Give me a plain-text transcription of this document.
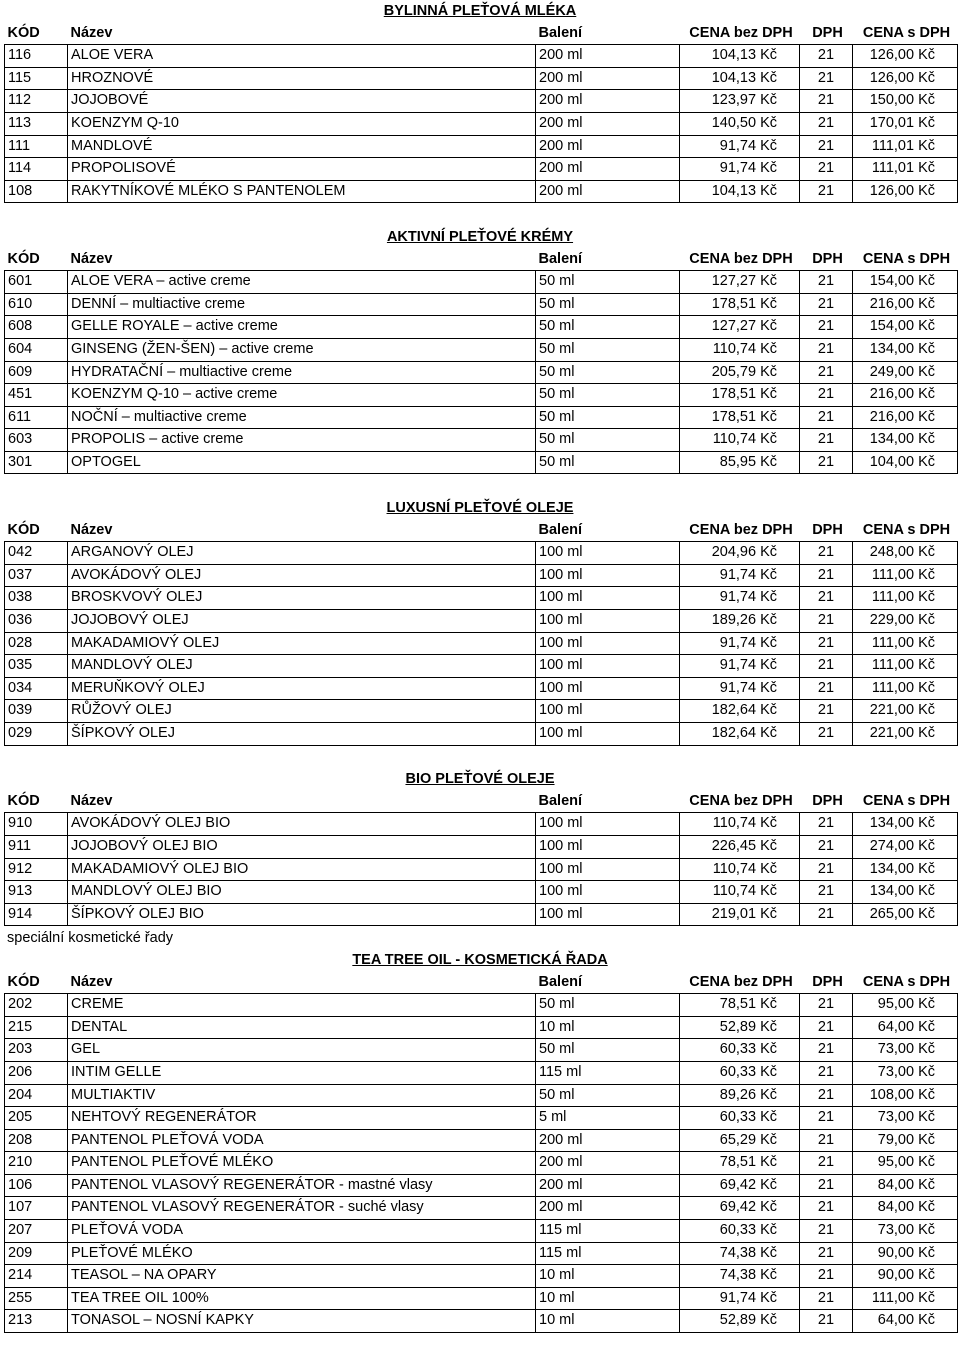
BYLINNÁ PLEŤOVÁ MLÉKA
KÓD	Název	Balení	CENA bez DPH	DPH	CENA s DPH
116	ALOE VERA	200 ml	104,13 Kč	21	126,00 Kč
115	HROZNOVÉ	200 ml	104,13 Kč	21	126,00 Kč
112	JOJOBOVÉ	200 ml	123,97 Kč	21	150,00 Kč
113	KOENZYM Q-10	200 ml	140,50 Kč	21	170,01 Kč
111	MANDLOVÉ	200 ml	91,74 Kč	21	111,01 Kč
114	PROPOLISOVÉ	200 ml	91,74 Kč	21	111,01 Kč
108	RAKYTNÍKOVÉ MLÉKO S PANTENOLEM	200 ml	104,13 Kč	21	126,00 Kč
AKTIVNÍ PLEŤOVÉ KRÉMY
KÓD	Název	Balení	CENA bez DPH	DPH	CENA s DPH
601	ALOE VERA – active creme	50 ml	127,27 Kč	21	154,00 Kč
610	DENNÍ – multiactive creme	50 ml	178,51 Kč	21	216,00 Kč
608	GELLE ROYALE – active creme	50 ml	127,27 Kč	21	154,00 Kč
604	GINSENG (ŽEN-ŠEN) – active creme	50 ml	110,74 Kč	21	134,00 Kč
609	HYDRATAČNÍ – multiactive creme	50 ml	205,79 Kč	21	249,00 Kč
451	KOENZYM Q-10 – active creme	50 ml	178,51 Kč	21	216,00 Kč
611	NOČNÍ – multiactive creme	50 ml	178,51 Kč	21	216,00 Kč
603	PROPOLIS – active creme	50 ml	110,74 Kč	21	134,00 Kč
301	OPTOGEL	50 ml	85,95 Kč	21	104,00 Kč
LUXUSNÍ PLEŤOVÉ OLEJE
KÓD	Název	Balení	CENA bez DPH	DPH	CENA s DPH
042	ARGANOVÝ OLEJ	100 ml	204,96 Kč	21	248,00 Kč
037	AVOKÁDOVÝ OLEJ	100 ml	91,74 Kč	21	111,00 Kč
038	BROSKVOVÝ OLEJ	100 ml	91,74 Kč	21	111,00 Kč
036	JOJOBOVÝ OLEJ	100 ml	189,26 Kč	21	229,00 Kč
028	MAKADAMIOVÝ OLEJ	100 ml	91,74 Kč	21	111,00 Kč
035	MANDLOVÝ OLEJ	100 ml	91,74 Kč	21	111,00 Kč
034	MERUŇKOVÝ OLEJ	100 ml	91,74 Kč	21	111,00 Kč
039	RŮŽOVÝ OLEJ	100 ml	182,64 Kč	21	221,00 Kč
029	ŠÍPKOVÝ OLEJ	100 ml	182,64 Kč	21	221,00 Kč
BIO PLEŤOVÉ OLEJE
KÓD	Název	Balení	CENA bez DPH	DPH	CENA s DPH
910	AVOKÁDOVÝ OLEJ BIO	100 ml	110,74 Kč	21	134,00 Kč
911	JOJOBOVÝ OLEJ BIO	100 ml	226,45 Kč	21	274,00 Kč
912	MAKADAMIOVÝ OLEJ BIO	100 ml	110,74 Kč	21	134,00 Kč
913	MANDLOVÝ OLEJ BIO	100 ml	110,74 Kč	21	134,00 Kč
914	ŠÍPKOVÝ OLEJ BIO	100 ml	219,01 Kč	21	265,00 Kč
speciální kosmetické řady
TEA TREE OIL - KOSMETICKÁ ŘADA
KÓD	Název	Balení	CENA bez DPH	DPH	CENA s DPH
202	CREME	50 ml	78,51 Kč	21	95,00 Kč
215	DENTAL	10 ml	52,89 Kč	21	64,00 Kč
203	GEL	50 ml	60,33 Kč	21	73,00 Kč
206	INTIM GELLE	115 ml	60,33 Kč	21	73,00 Kč
204	MULTIAKTIV	50 ml	89,26 Kč	21	108,00 Kč
205	NEHTOVÝ REGENERÁTOR	5 ml	60,33 Kč	21	73,00 Kč
208	PANTENOL PLEŤOVÁ VODA	200 ml	65,29 Kč	21	79,00 Kč
210	PANTENOL PLEŤOVÉ MLÉKO	200 ml	78,51 Kč	21	95,00 Kč
106	PANTENOL VLASOVÝ REGENERÁTOR - mastné vlasy	200 ml	69,42 Kč	21	84,00 Kč
107	PANTENOL VLASOVÝ REGENERÁTOR - suché vlasy	200 ml	69,42 Kč	21	84,00 Kč
207	PLEŤOVÁ VODA	115 ml	60,33 Kč	21	73,00 Kč
209	PLEŤOVÉ MLÉKO	115 ml	74,38 Kč	21	90,00 Kč
214	TEASOL – NA OPARY	10 ml	74,38 Kč	21	90,00 Kč
255	TEA TREE OIL 100%	10 ml	91,74 Kč	21	111,00 Kč
213	TONASOL – NOSNÍ KAPKY	10 ml	52,89 Kč	21	64,00 Kč
